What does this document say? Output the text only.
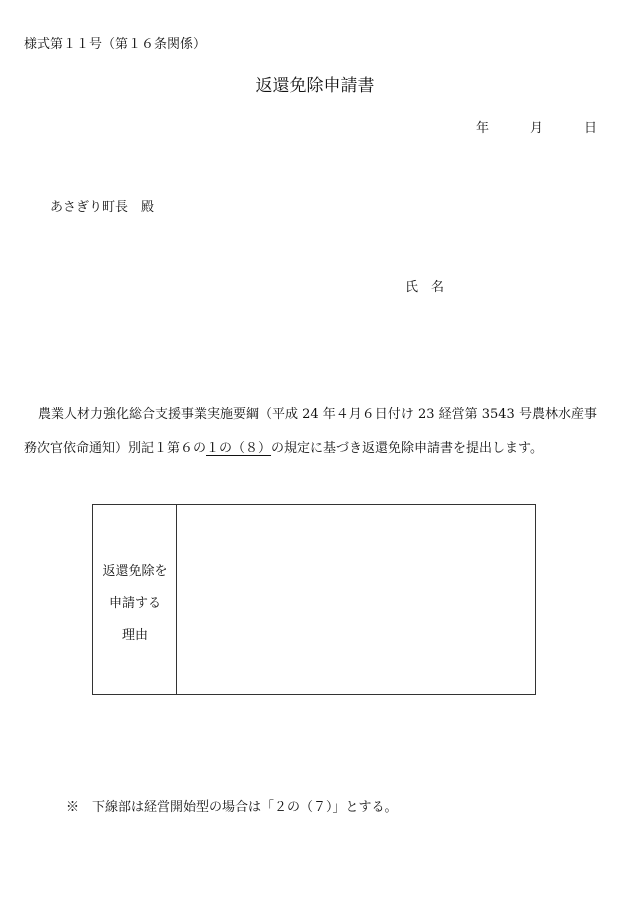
様式第１１号（第１６条関係）
返還免除申請書
年	月	日
あさぎり町長　殿
氏　名
農業人材力強化総合支援事業実施要綱（平成 24 年４月６日付け 23 経営第 3543 号農林水産事
務次官依命通知）別記１第６の１の（８）の規定に基づき返還免除申請書を提出します。
返還免除を
申請する
理由
※　下線部は経営開始型の場合は「２の（７）」とする。
